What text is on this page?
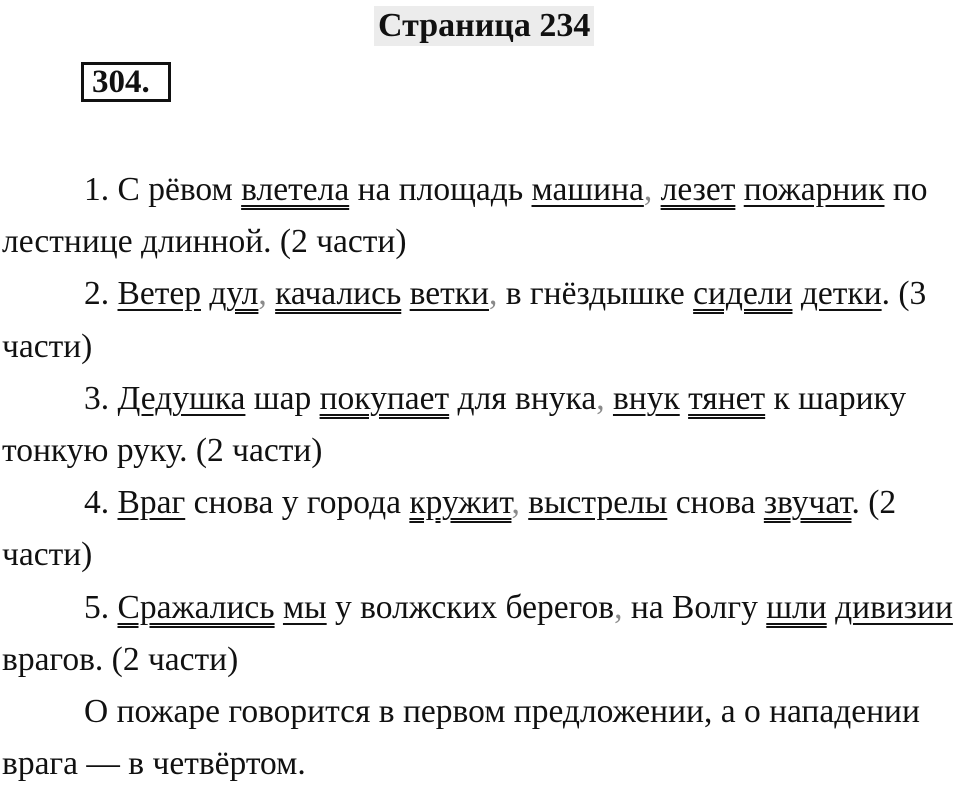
Страница 234
304.

1. С рёвом влетела на площадь машина, лезет пожарник по лестнице длинной. (2 части)

2. Ветер дул, качались ветки, в гнёздышке сидели детки. (3 части)

3. Дедушка шар покупает для внука, внук тянет к шарику тонкую руку. (2 части)

4. Враг снова у города кружит, выстрелы снова звучат. (2 части)

5. Сражались мы у волжских берегов, на Волгу шли дивизии врагов. (2 части)

О пожаре говорится в первом предложении, а о нападении врага — в четвёртом.
